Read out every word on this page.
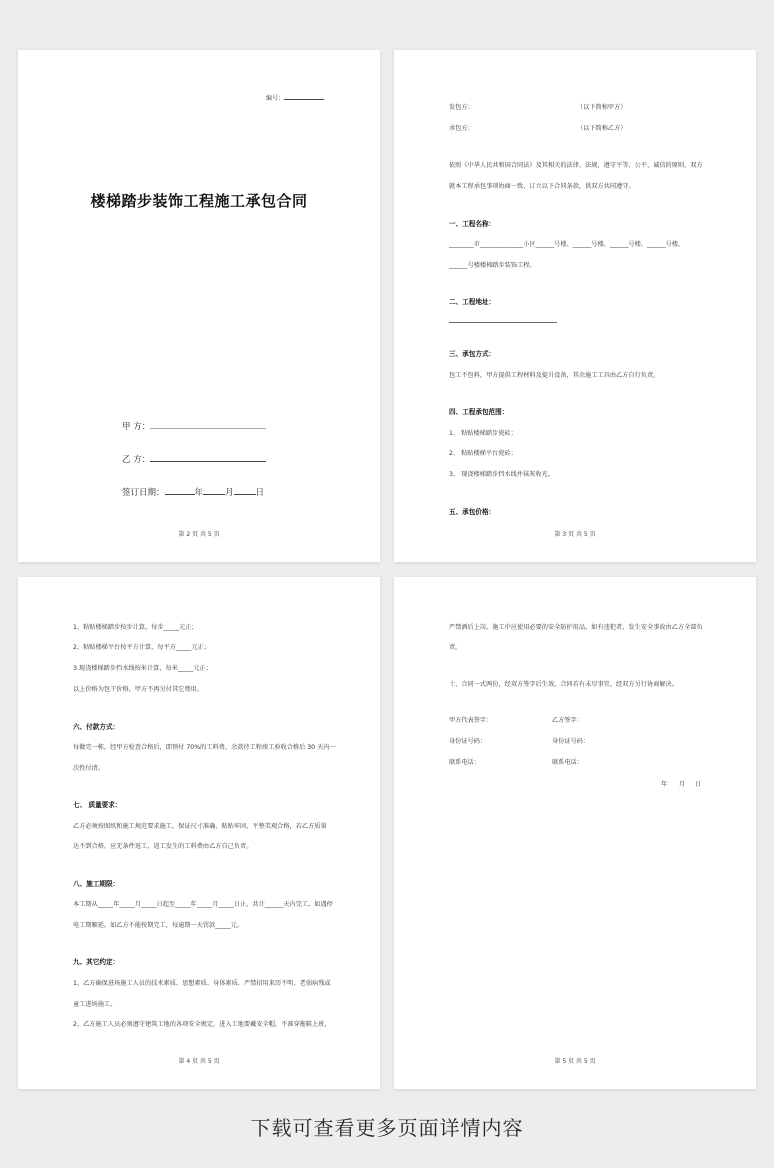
编号：
楼梯踏步装饰工程施工承包合同
甲 方：
乙 方：
签订日期：	年	月	日
第 2 页 共 5 页
发包方：	（以下简称甲方）
承包方：	（以下简称乙方）
依照《中华人民共和国合同法》及其相关的法律、法规，遵守平等、公平、诚信的原则，双方
就本工程承包事项协商一致，订立以下合同条款，供双方共同遵守。
一、工程名称：
________市______________小区______号楼、______号楼、______号楼、______号楼、
______号楼楼梯踏步装饰工程。
二、工程地址：
三、承包方式：
包工不包料，甲方提供工程材料及提升设备，其余施工工具由乙方自行负责。
四、工程承包范围：
1、 粘贴楼梯踏步瓷砖；
2、 粘贴楼梯平台瓷砖；
3、 现浇楼梯踏步挡水线并抹灰收光。
五、承包价格：
第 3 页 共 5 页
1、粘贴楼梯踏步按步计算，每步_____元正；
2、粘贴楼梯平台按平方计算，每平方_____元正；
3.现浇楼梯踏步挡水线按米计算，每米_____元正；
以上价格为包干价格，甲方不再另付其它费用。
六、付款方式：
每做完一栋，经甲方检查合格后，即预付 70%的工料费，余款待工程竣工验收合格后 30 天内一
次性付清。
七、 质量要求：
乙方必须按图纸和施工规范要求施工，保证尺寸准确，粘贴牢固，平整美观合格，若乙方质量
达不到合格，应无条件返工，返工发生的工料费由乙方自己负责。
八、施工期限：
本工期从_____年_____月_____日起至_____年_____月_____日止，共计______天内完工。如遇停
电工期顺延。如乙方不能按期完工，每逾期一天罚款_____元。
九、其它约定：
1、乙方确保进场施工人员的技术素质、思想素质、身体素质，严禁招用来历不明、老弱病残或
童工进场施工。
2、乙方施工人员必须遵守建筑工地的各项安全规定，进入工地要戴安全帽，不准穿拖鞋上班，
第 4 页 共 5 页
严禁酒后上岗。施工中应使用必要的安全防护用品，如有违犯者，发生安全事故由乙方全部负
责。
十、合同一式两份，经双方签字后生效，合同若有未尽事宜，经双方另行协商解决。
甲方代表签字：	乙方签字：
身份证号码：	身份证号码：
联系电话：	联系电话：
年 月 日
第 5 页 共 5 页
下载可查看更多页面详情内容
